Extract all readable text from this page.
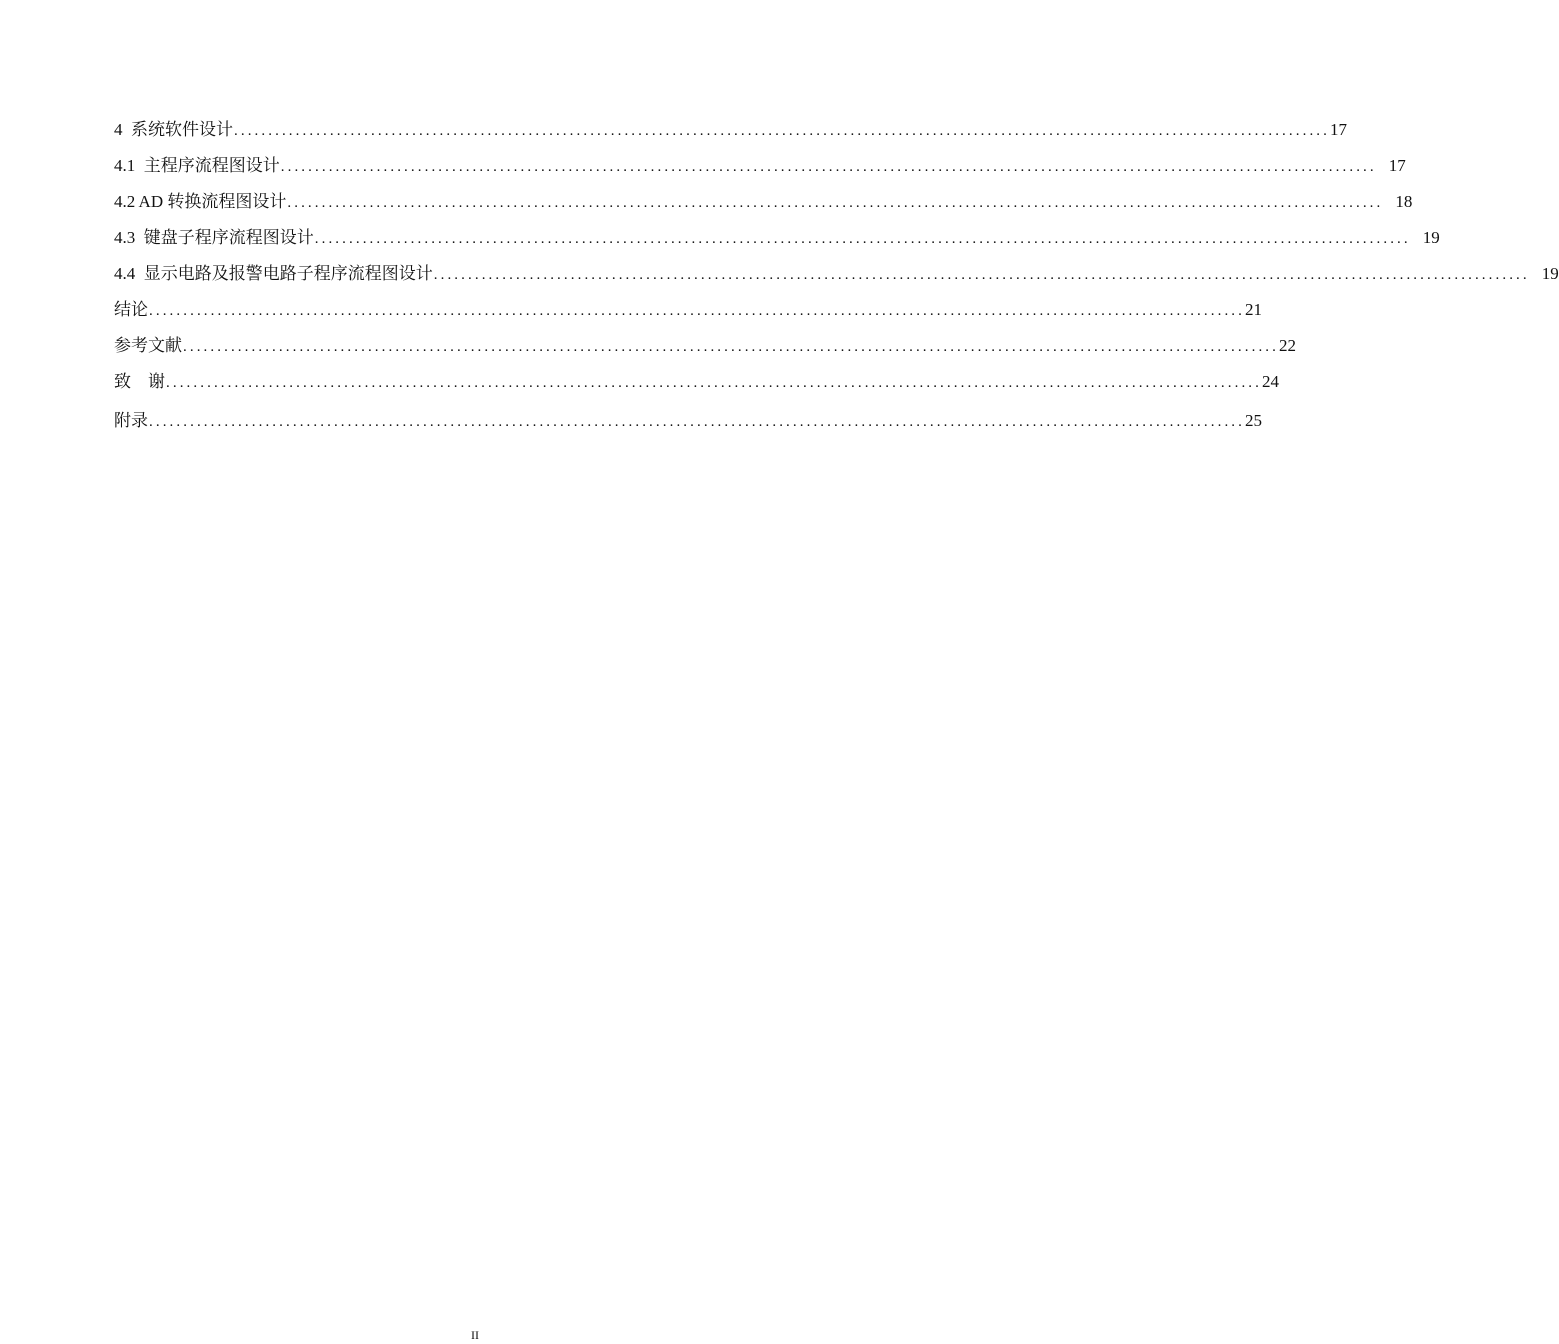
4  系统软件设计 ................................................................................................................................................................ 17
4.1  主程序流程图设计 ................................................................................................................................................................ 17
4.2 AD 转换流程图设计 ................................................................................................................................................................ 18
4.3  键盘子程序流程图设计 ................................................................................................................................................................ 19
4.4  显示电路及报警电路子程序流程图设计 ................................................................................................................................................................ 19
结论 ................................................................................................................................................................ 21
参考文献 ................................................................................................................................................................ 22
致    谢 ................................................................................................................................................................ 24
附录 ................................................................................................................................................................ 25
II
